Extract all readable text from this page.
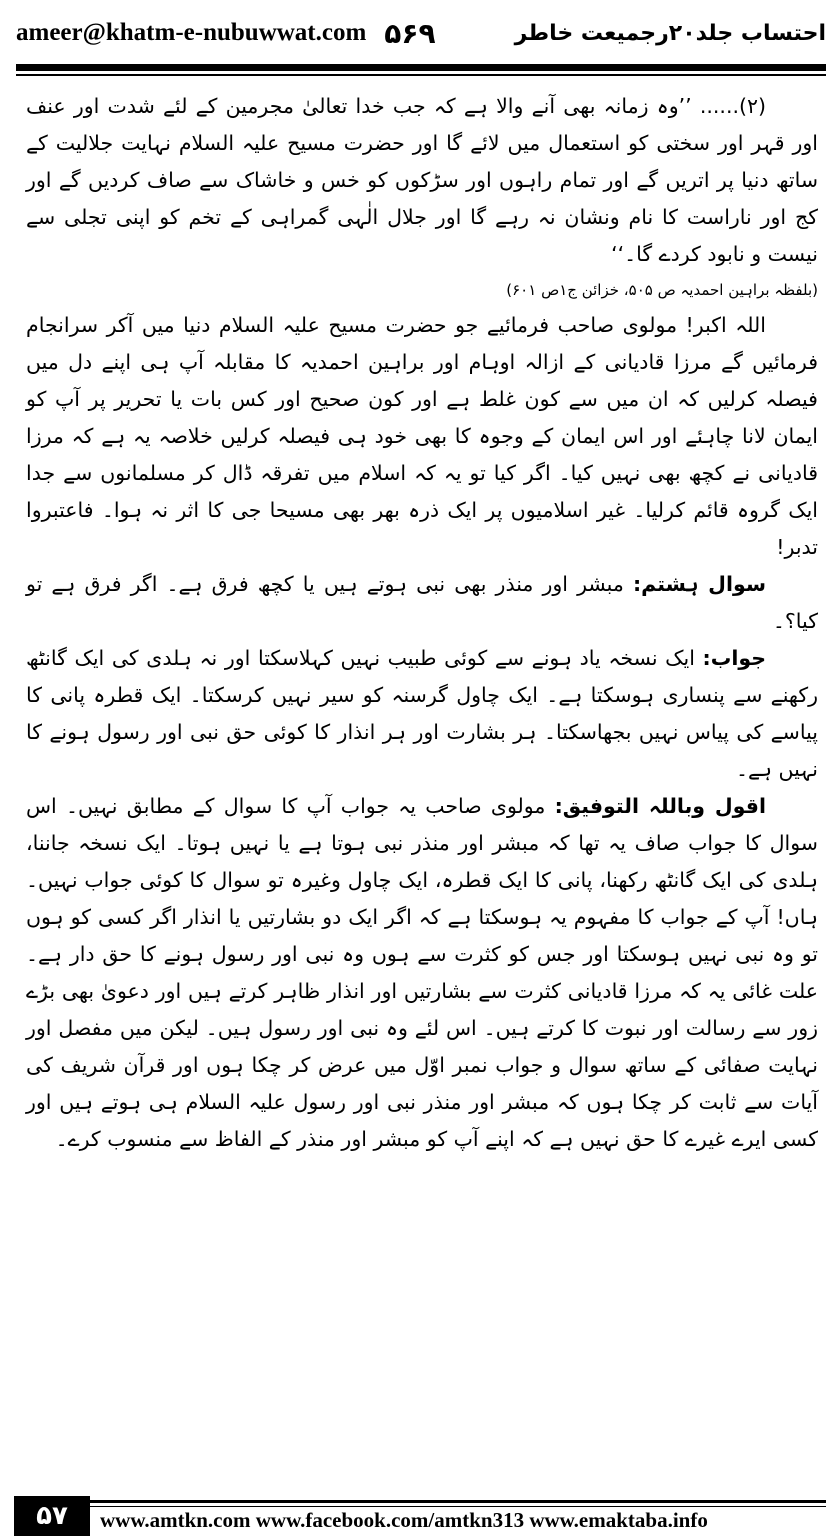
ameer@khatm-e-nubuwwat.com ۵۶۹	احتساب جلد۲۰رجمیعت خاطر

(۲)...... ’’وہ زمانہ بھی آنے والا ہے کہ جب خدا تعالیٰ مجرمین کے لئے شدت اور عنف اور قہر اور سختی کو استعمال میں لائے گا اور حضرت مسیح علیہ السلام نہایت جلالیت کے ساتھ دنیا پر اتریں گے اور تمام راہوں اور سڑکوں کو خس و خاشاک سے صاف کردیں گے اور کج اور ناراست کا نام ونشان نہ رہے گا اور جلال الٰہی گمراہی کے تخم کو اپنی تجلی سے نیست و نابود کردے گا۔‘‘

(بلفظہ براہین احمدیہ ص ۵۰۵، خزائن ج۱ص ۶۰۱)

اللہ اکبر! مولوی صاحب فرمائیے جو حضرت مسیح علیہ السلام دنیا میں آکر سرانجام فرمائیں گے مرزا قادیانی کے ازالہ اوہام اور براہین احمدیہ کا مقابلہ آپ ہی اپنے دل میں فیصلہ کرلیں کہ ان میں سے کون غلط ہے اور کون صحیح اور کس بات یا تحریر پر آپ کو ایمان لانا چاہئے اور اس ایمان کے وجوہ کا بھی خود ہی فیصلہ کرلیں خلاصہ یہ ہے کہ مرزا قادیانی نے کچھ بھی نہیں کیا۔ اگر کیا تو یہ کہ اسلام میں تفرقہ ڈال کر مسلمانوں سے جدا ایک گروہ قائم کرلیا۔ غیر اسلامیوں پر ایک ذرہ بھر بھی مسیحا جی کا اثر نہ ہوا۔ فاعتبروا تدبر!

سوال ہشتم: مبشر اور منذر بھی نبی ہوتے ہیں یا کچھ فرق ہے۔ اگر فرق ہے تو کیا؟۔

جواب: ایک نسخہ یاد ہونے سے کوئی طبیب نہیں کہلاسکتا اور نہ ہلدی کی ایک گانٹھ رکھنے سے پنساری ہوسکتا ہے۔ ایک چاول گرسنہ کو سیر نہیں کرسکتا۔ ایک قطرہ پانی کا پیاسے کی پیاس نہیں بجھاسکتا۔ ہر بشارت اور ہر انذار کا کوئی حق نبی اور رسول ہونے کا نہیں ہے۔

اقول وباللہ التوفیق: مولوی صاحب یہ جواب آپ کا سوال کے مطابق نہیں۔ اس سوال کا جواب صاف یہ تھا کہ مبشر اور منذر نبی ہوتا ہے یا نہیں ہوتا۔ ایک نسخہ جاننا، ہلدی کی ایک گانٹھ رکھنا، پانی کا ایک قطرہ، ایک چاول وغیرہ تو سوال کا کوئی جواب نہیں۔ ہاں! آپ کے جواب کا مفہوم یہ ہوسکتا ہے کہ اگر ایک دو بشارتیں یا انذار اگر کسی کو ہوں تو وہ نبی نہیں ہوسکتا اور جس کو کثرت سے ہوں وہ نبی اور رسول ہونے کا حق دار ہے۔ علت غائی یہ کہ مرزا قادیانی کثرت سے بشارتیں اور انذار ظاہر کرتے ہیں اور دعویٰ بھی بڑے زور سے رسالت اور نبوت کا کرتے ہیں۔ اس لئے وہ نبی اور رسول ہیں۔ لیکن میں مفصل اور نہایت صفائی کے ساتھ سوال و جواب نمبر اوّل میں عرض کر چکا ہوں اور قرآن شریف کی آیات سے ثابت کر چکا ہوں کہ مبشر اور منذر نبی اور رسول علیہ السلام ہی ہوتے ہیں اور کسی ایرے غیرے کا حق نہیں ہے کہ اپنے آپ کو مبشر اور منذر کے الفاظ سے منسوب کرے۔

۵۷	www.amtkn.com www.facebook.com/amtkn313 www.emaktaba.info
